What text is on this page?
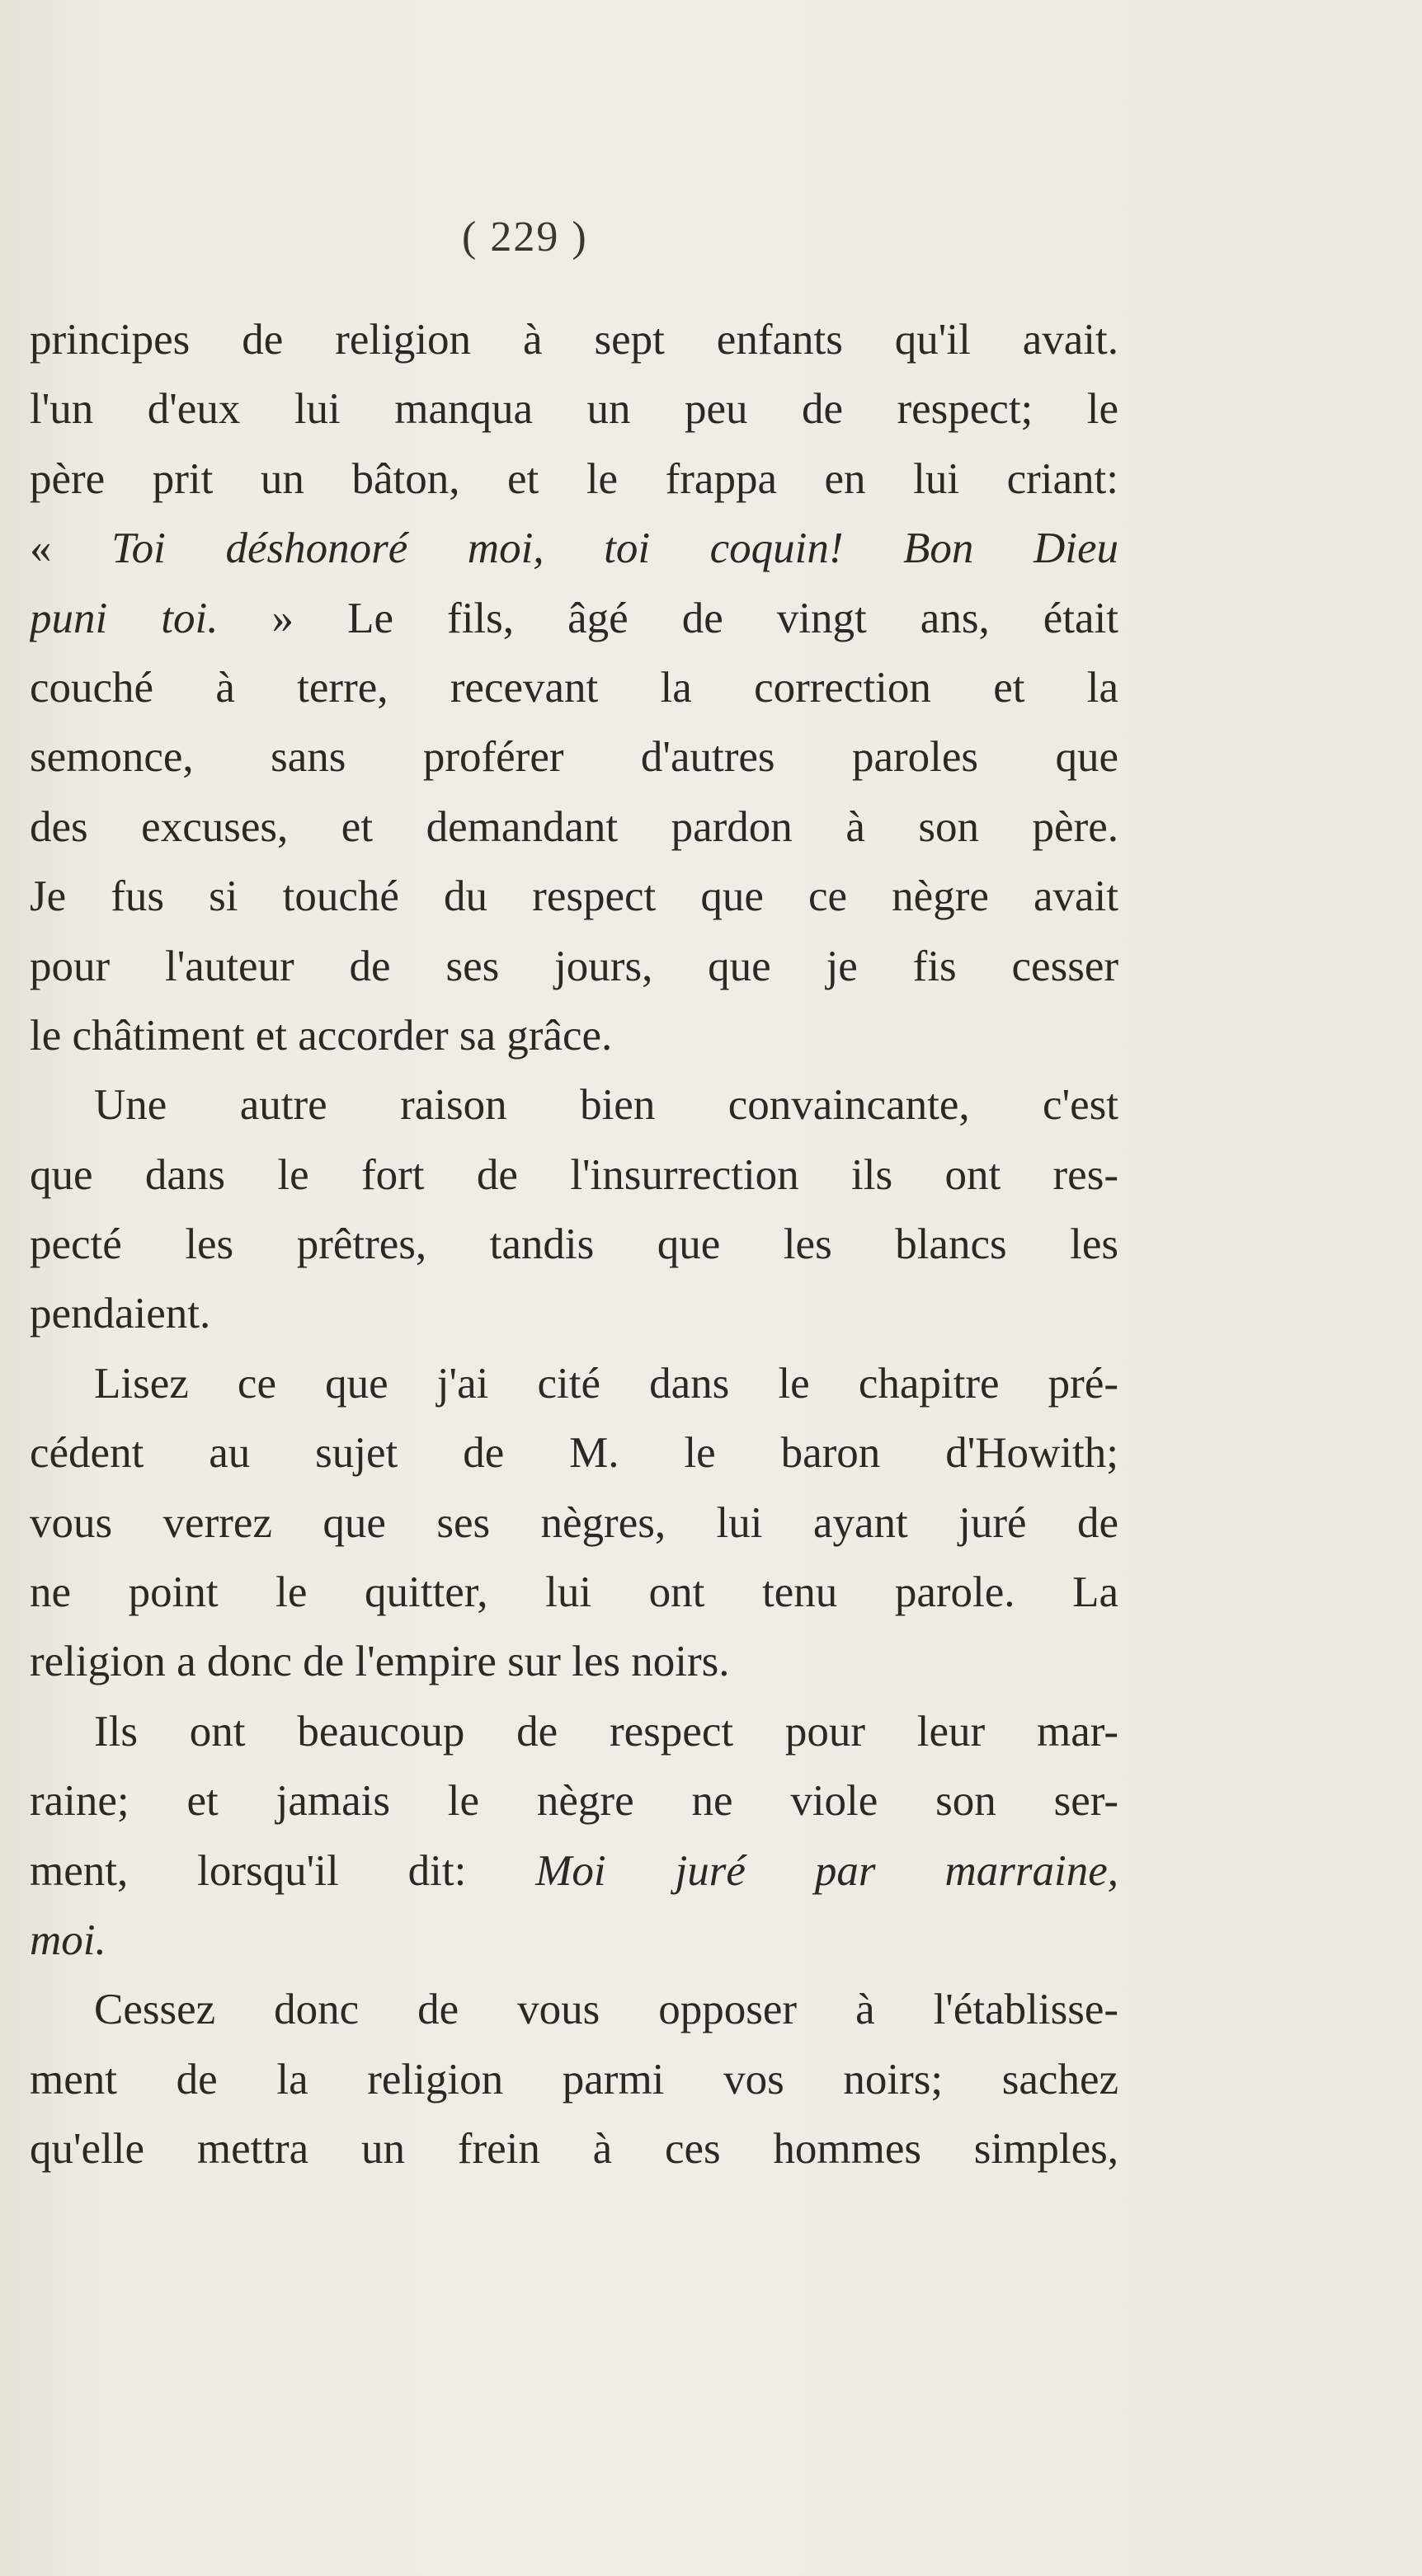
( 229 )
principes de religion à sept enfants qu'il avait.
l'un d'eux lui manqua un peu de respect; le
père prit un bâton, et le frappa en lui criant:
« Toi déshonoré moi, toi coquin! Bon Dieu
puni toi. » Le fils, âgé de vingt ans, était
couché à terre, recevant la correction et la
semonce, sans proférer d'autres paroles que
des excuses, et demandant pardon à son père.
Je fus si touché du respect que ce nègre avait
pour l'auteur de ses jours, que je fis cesser
le châtiment et accorder sa grâce.
Une autre raison bien convaincante, c'est
que dans le fort de l'insurrection ils ont res-
pecté les prêtres, tandis que les blancs les
pendaient.
Lisez ce que j'ai cité dans le chapitre pré-
cédent au sujet de M. le baron d'Howith;
vous verrez que ses nègres, lui ayant juré de
ne point le quitter, lui ont tenu parole. La
religion a donc de l'empire sur les noirs.
Ils ont beaucoup de respect pour leur mar-
raine; et jamais le nègre ne viole son ser-
ment, lorsqu'il dit: Moi juré par marraine,
moi.
Cessez donc de vous opposer à l'établisse-
ment de la religion parmi vos noirs; sachez
qu'elle mettra un frein à ces hommes simples,
